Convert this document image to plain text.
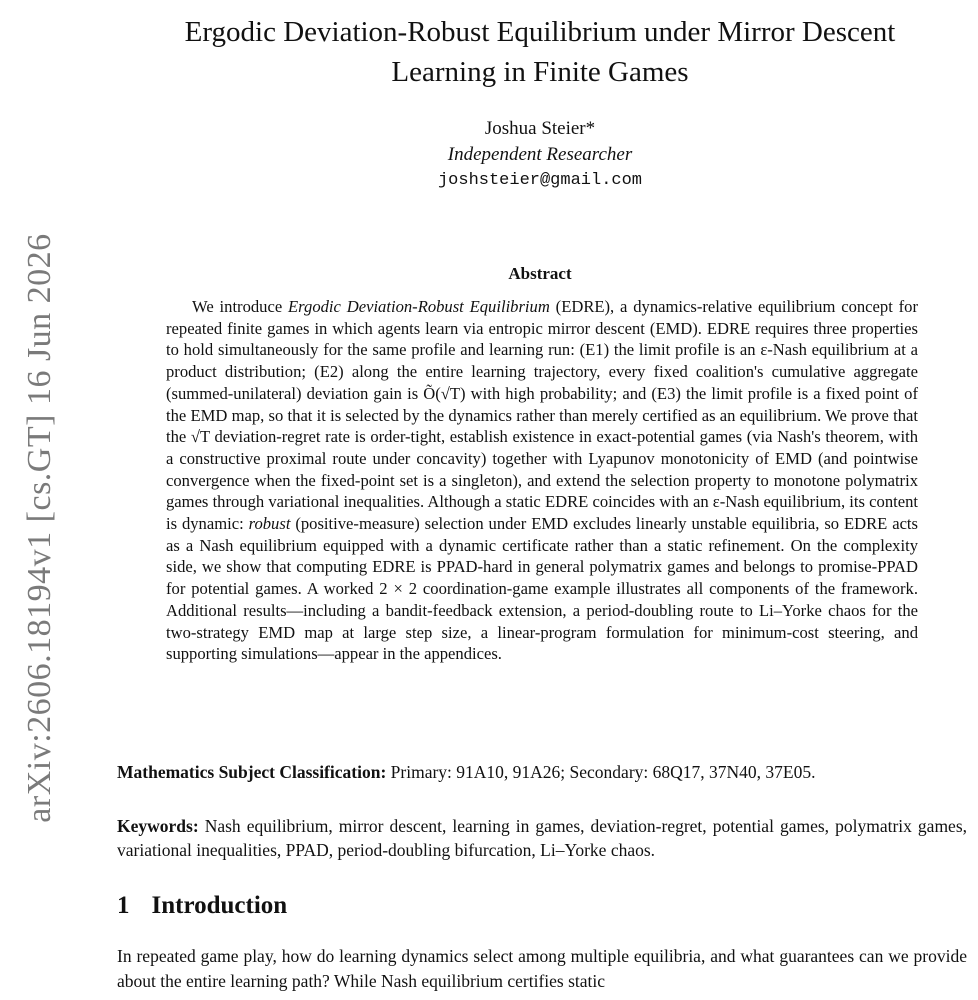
arXiv:2606.18194v1 [cs.GT] 16 Jun 2026
Ergodic Deviation-Robust Equilibrium under Mirror Descent
Learning in Finite Games
Joshua Steier*
Independent Researcher
joshsteier@gmail.com
Abstract

We introduce Ergodic Deviation-Robust Equilibrium (EDRE), a dynamics-relative equilibrium concept for repeated finite games in which agents learn via entropic mirror descent (EMD). EDRE requires three properties to hold simultaneously for the same profile and learning run: (E1) the limit profile is an ε-Nash equilibrium at a product distribution; (E2) along the entire learning trajectory, every fixed coalition's cumulative aggregate (summed-unilateral) deviation gain is Õ(√T) with high probability; and (E3) the limit profile is a fixed point of the EMD map, so that it is selected by the dynamics rather than merely certified as an equilibrium. We prove that the √T deviation-regret rate is order-tight, establish existence in exact-potential games (via Nash's theorem, with a constructive proximal route under concavity) together with Lyapunov monotonicity of EMD (and pointwise convergence when the fixed-point set is a singleton), and extend the selection property to monotone polymatrix games through variational inequalities. Although a static EDRE coincides with an ε-Nash equilibrium, its content is dynamic: robust (positive-measure) selection under EMD excludes linearly unstable equilibria, so EDRE acts as a Nash equilibrium equipped with a dynamic certificate rather than a static refinement. On the complexity side, we show that computing EDRE is PPAD-hard in general polymatrix games and belongs to promise-PPAD for potential games. A worked 2 × 2 coordination-game example illustrates all components of the framework. Additional results—including a bandit-feedback extension, a period-doubling route to Li–Yorke chaos for the two-strategy EMD map at large step size, a linear-program formulation for minimum-cost steering, and supporting simulations—appear in the appendices.

Mathematics Subject Classification: Primary: 91A10, 91A26; Secondary: 68Q17, 37N40, 37E05.
Keywords: Nash equilibrium, mirror descent, learning in games, deviation-regret, potential games, polymatrix games, variational inequalities, PPAD, period-doubling bifurcation, Li–Yorke chaos.
1 Introduction
In repeated game play, how do learning dynamics select among multiple equilibria, and what guarantees can we provide about the entire learning path? While Nash equilibrium certifies static
